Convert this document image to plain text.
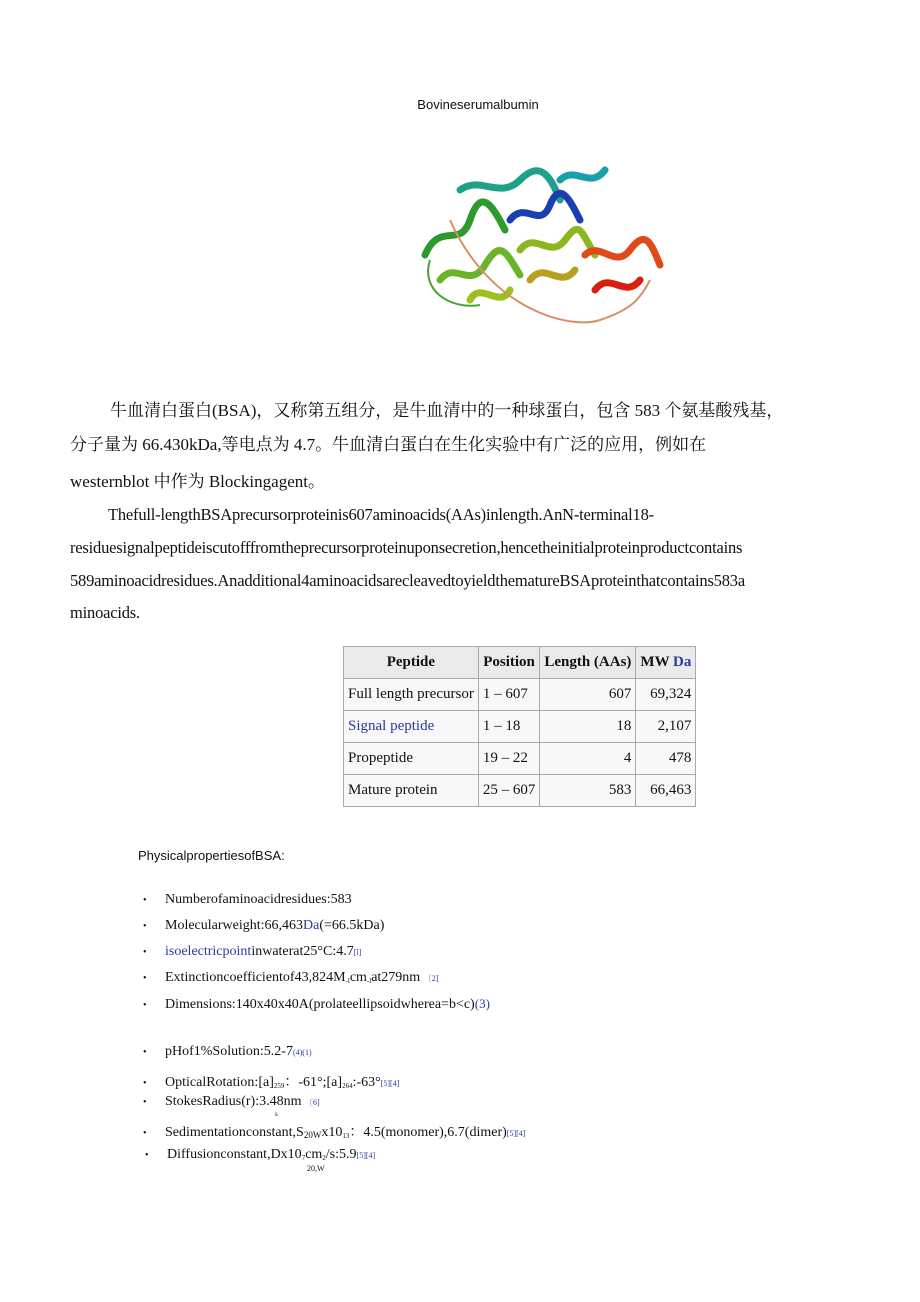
Bovineserumalbumin
牛血清白蛋白(BSA)，又称第五组分，是牛血清中的一种球蛋白，包含 583 个氨基酸残基，
分子量为 66.430kDa,等电点为 4.7。牛血清白蛋白在生化实验中有广泛的应用，例如在
westernblot 中作为 Blockingagent。
Thefull-lengthBSAprecursorproteinis607aminoacids(AAs)inlength.AnN-terminal18-
residuesignalpeptideiscutofffromtheprecursorproteinuponsecretion,hencetheinitialproteinproductcontains
589aminoacidresidues.Anadditional4aminoacidsarecleavedtoyieldthematureBSAproteinthatcontains583a
minoacids.
Peptide	Position	Length (AAs)	MW Da
Full length precursor	1 – 607	607	69,324
Signal peptide	1 – 18	18	2,107
Propeptide	19 – 22	4	478
Mature protein	25 – 607	583	66,463
PhysicalpropertiesofBSA:
• Numberofaminoacidresidues:583
• Molecularweight:66,463Da(=66.5kDa)
• isoelectricpointinwaterat25°C:4.7[l]
• $Extinctioncoefficientof43,824M_{-l}cm_{-l}at279nm$ 〔2]
• Dimensions:140x40x40A(prolateellipsoidwherea=b<c)(3)
• pHof1%Solution:5.2-7(4)(1)
• $OpticalRotation:[a]_{259}$：$-61^\circ;[a]_{264}:-63^\circ[5][4]$
• StokesRadius(r):3.48nm 〔6]
s
• $Sedimentationconstant,S20Wx10_{13}$：4.5(monomer),6.7(dimer)[5][4]
• $Diffusionconstant,Dx10_7cm_2/s:5.9[5][4]$
20,W
